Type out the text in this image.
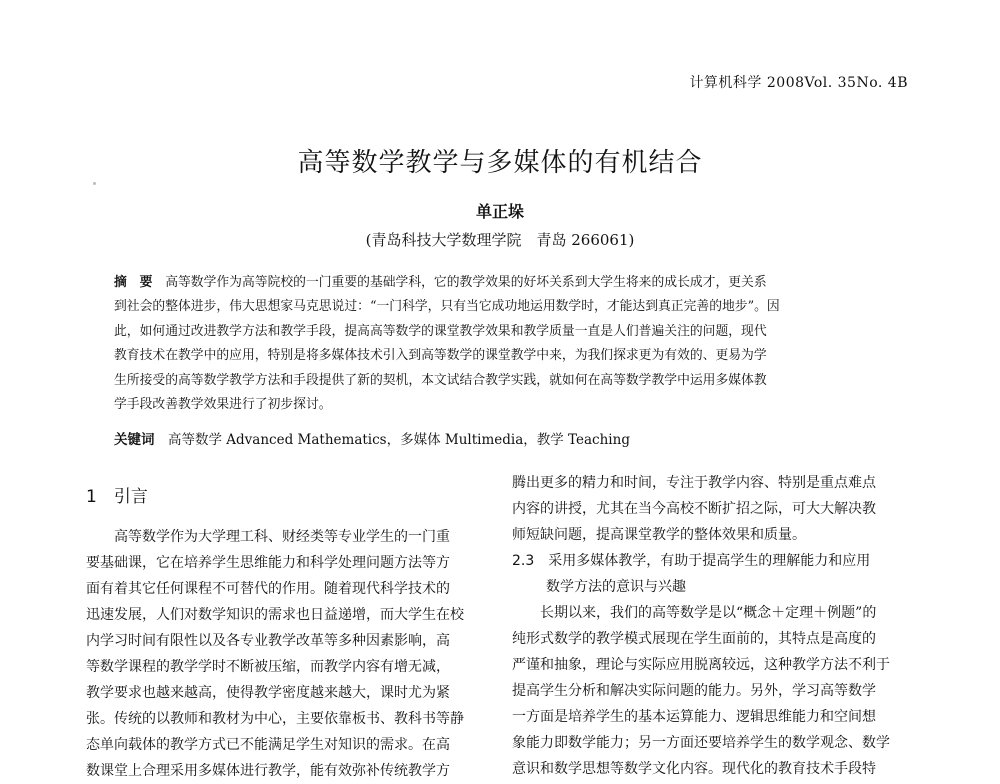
计算机科学 2008Vol. 35No. 4B
高等数学教学与多媒体的有机结合
单正垛
(青岛科技大学数理学院　青岛 266061)
摘　要　 高等数学作为高等院校的一门重要的基础学科，它的教学效果的好坏关系到大学生将来的成长成才，更关系
到社会的整体进步，伟大思想家马克思说过：“一门科学，只有当它成功地运用数学时，才能达到真正完善的地步”。因
此，如何通过改进教学方法和教学手段，提高高等数学的课堂教学效果和教学质量一直是人们普遍关注的问题，现代
教育技术在教学中的应用，特别是将多媒体技术引入到高等数学的课堂教学中来，为我们探求更为有效的、更易为学
生所接受的高等数学教学方法和手段提供了新的契机，本文试结合教学实践，就如何在高等数学教学中运用多媒体教
学手段改善教学效果进行了初步探讨。
关键词　 高等数学 Advanced Mathematics，多媒体 Multimedia，教学 Teaching
1　引言
高等数学作为大学理工科、财经类等专业学生的一门重
要基础课，它在培养学生思维能力和科学处理问题方法等方
面有着其它任何课程不可替代的作用。随着现代科学技术的
迅速发展，人们对数学知识的需求也日益递增，而大学生在校
内学习时间有限性以及各专业教学改革等多种因素影响，高
等数学课程的教学学时不断被压缩，而教学内容有增无减，
教学要求也越来越高，使得教学密度越来越大，课时尤为紧
张。传统的以教师和教材为中心，主要依靠板书、教科书等静
态单向载体的教学方式已不能满足学生对知识的需求。在高
数课堂上合理采用多媒体进行教学，能有效弥补传统教学方
腾出更多的精力和时间，专注于教学内容、特别是重点难点
内容的讲授，尤其在当今高校不断扩招之际，可大大解决教
师短缺问题，提高课堂教学的整体效果和质量。
2.3　采用多媒体教学，有助于提高学生的理解能力和应用
数学方法的意识与兴趣
长期以来，我们的高等数学是以“概念＋定理＋例题”的
纯形式数学的教学模式展现在学生面前的，其特点是高度的
严谨和抽象，理论与实际应用脱离较远，这种教学方法不利于
提高学生分析和解决实际问题的能力。另外，学习高等数学
一方面是培养学生的基本运算能力、逻辑思维能力和空间想
象能力即数学能力；另一方面还要培养学生的数学观念、数学
意识和数学思想等数学文化内容。现代化的教育技术手段特
